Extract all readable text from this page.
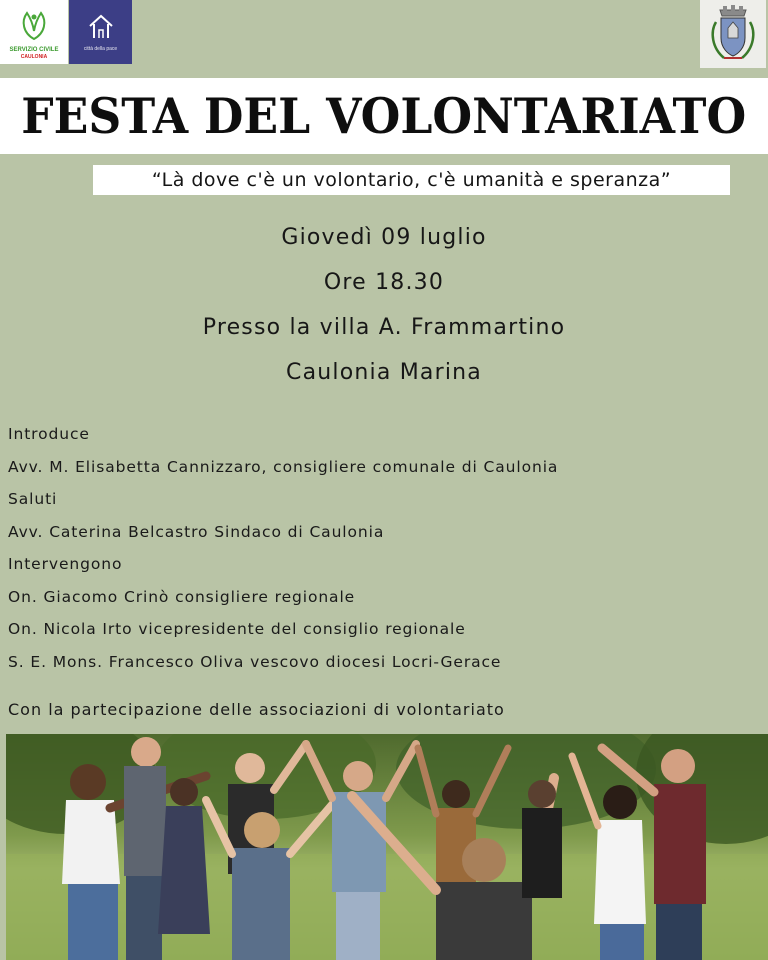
SERVIZIO CIVILE
CAULONIA
città della pace
FESTA DEL VOLONTARIATO
“Là dove c'è un volontario, c'è umanità e speranza”
Giovedì 09 luglio
Ore 18.30
Presso la villa A. Frammartino
Caulonia Marina
Introduce
Avv. M. Elisabetta Cannizzaro, consigliere comunale di Caulonia
Saluti
Avv. Caterina Belcastro Sindaco di Caulonia
Intervengono
On. Giacomo Crinò consigliere regionale
On. Nicola Irto vicepresidente del consiglio regionale
S. E. Mons. Francesco Oliva vescovo diocesi Locri-Gerace
Con la partecipazione delle associazioni di volontariato
